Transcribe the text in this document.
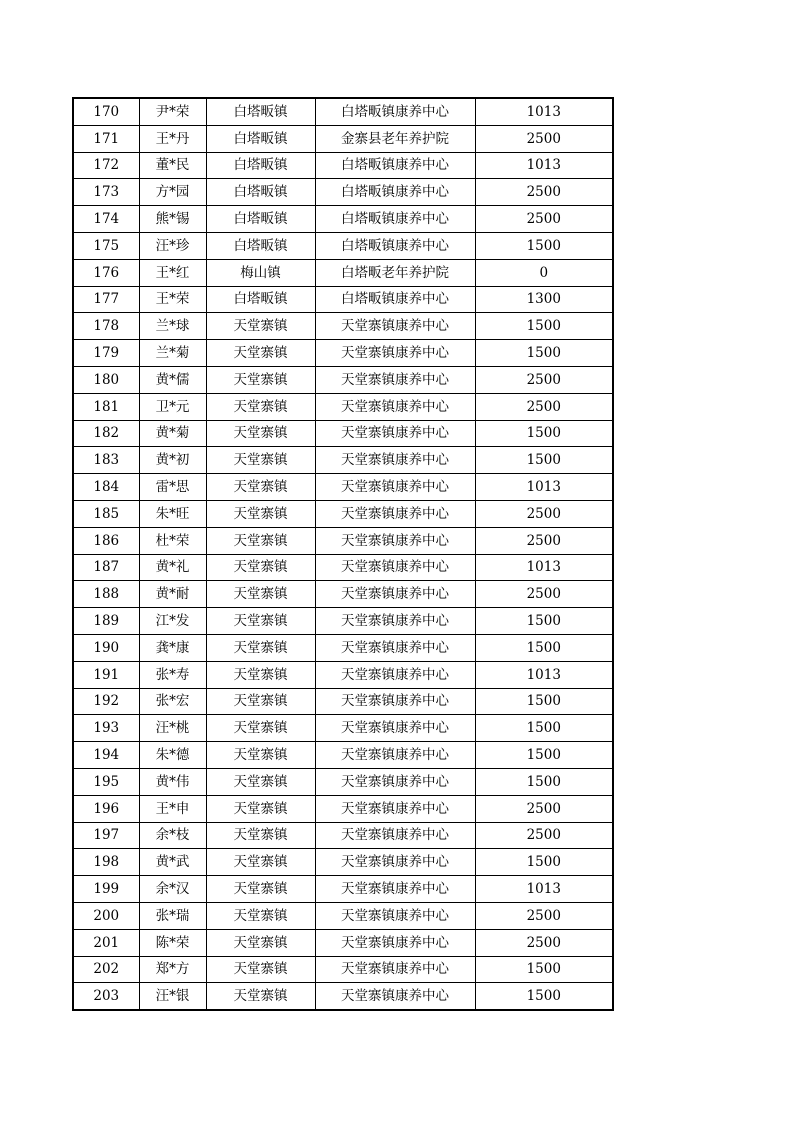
170	尹*荣	白塔畈镇	白塔畈镇康养中心	1013
171	王*丹	白塔畈镇	金寨县老年养护院	2500
172	董*民	白塔畈镇	白塔畈镇康养中心	1013
173	方*园	白塔畈镇	白塔畈镇康养中心	2500
174	熊*锡	白塔畈镇	白塔畈镇康养中心	2500
175	汪*珍	白塔畈镇	白塔畈镇康养中心	1500
176	王*红	梅山镇	白塔畈老年养护院	0
177	王*荣	白塔畈镇	白塔畈镇康养中心	1300
178	兰*球	天堂寨镇	天堂寨镇康养中心	1500
179	兰*菊	天堂寨镇	天堂寨镇康养中心	1500
180	黄*儒	天堂寨镇	天堂寨镇康养中心	2500
181	卫*元	天堂寨镇	天堂寨镇康养中心	2500
182	黄*菊	天堂寨镇	天堂寨镇康养中心	1500
183	黄*初	天堂寨镇	天堂寨镇康养中心	1500
184	雷*思	天堂寨镇	天堂寨镇康养中心	1013
185	朱*旺	天堂寨镇	天堂寨镇康养中心	2500
186	杜*荣	天堂寨镇	天堂寨镇康养中心	2500
187	黄*礼	天堂寨镇	天堂寨镇康养中心	1013
188	黄*耐	天堂寨镇	天堂寨镇康养中心	2500
189	江*发	天堂寨镇	天堂寨镇康养中心	1500
190	龚*康	天堂寨镇	天堂寨镇康养中心	1500
191	张*寿	天堂寨镇	天堂寨镇康养中心	1013
192	张*宏	天堂寨镇	天堂寨镇康养中心	1500
193	汪*桃	天堂寨镇	天堂寨镇康养中心	1500
194	朱*德	天堂寨镇	天堂寨镇康养中心	1500
195	黄*伟	天堂寨镇	天堂寨镇康养中心	1500
196	王*申	天堂寨镇	天堂寨镇康养中心	2500
197	余*枝	天堂寨镇	天堂寨镇康养中心	2500
198	黄*武	天堂寨镇	天堂寨镇康养中心	1500
199	余*汉	天堂寨镇	天堂寨镇康养中心	1013
200	张*瑞	天堂寨镇	天堂寨镇康养中心	2500
201	陈*荣	天堂寨镇	天堂寨镇康养中心	2500
202	郑*方	天堂寨镇	天堂寨镇康养中心	1500
203	汪*银	天堂寨镇	天堂寨镇康养中心	1500
